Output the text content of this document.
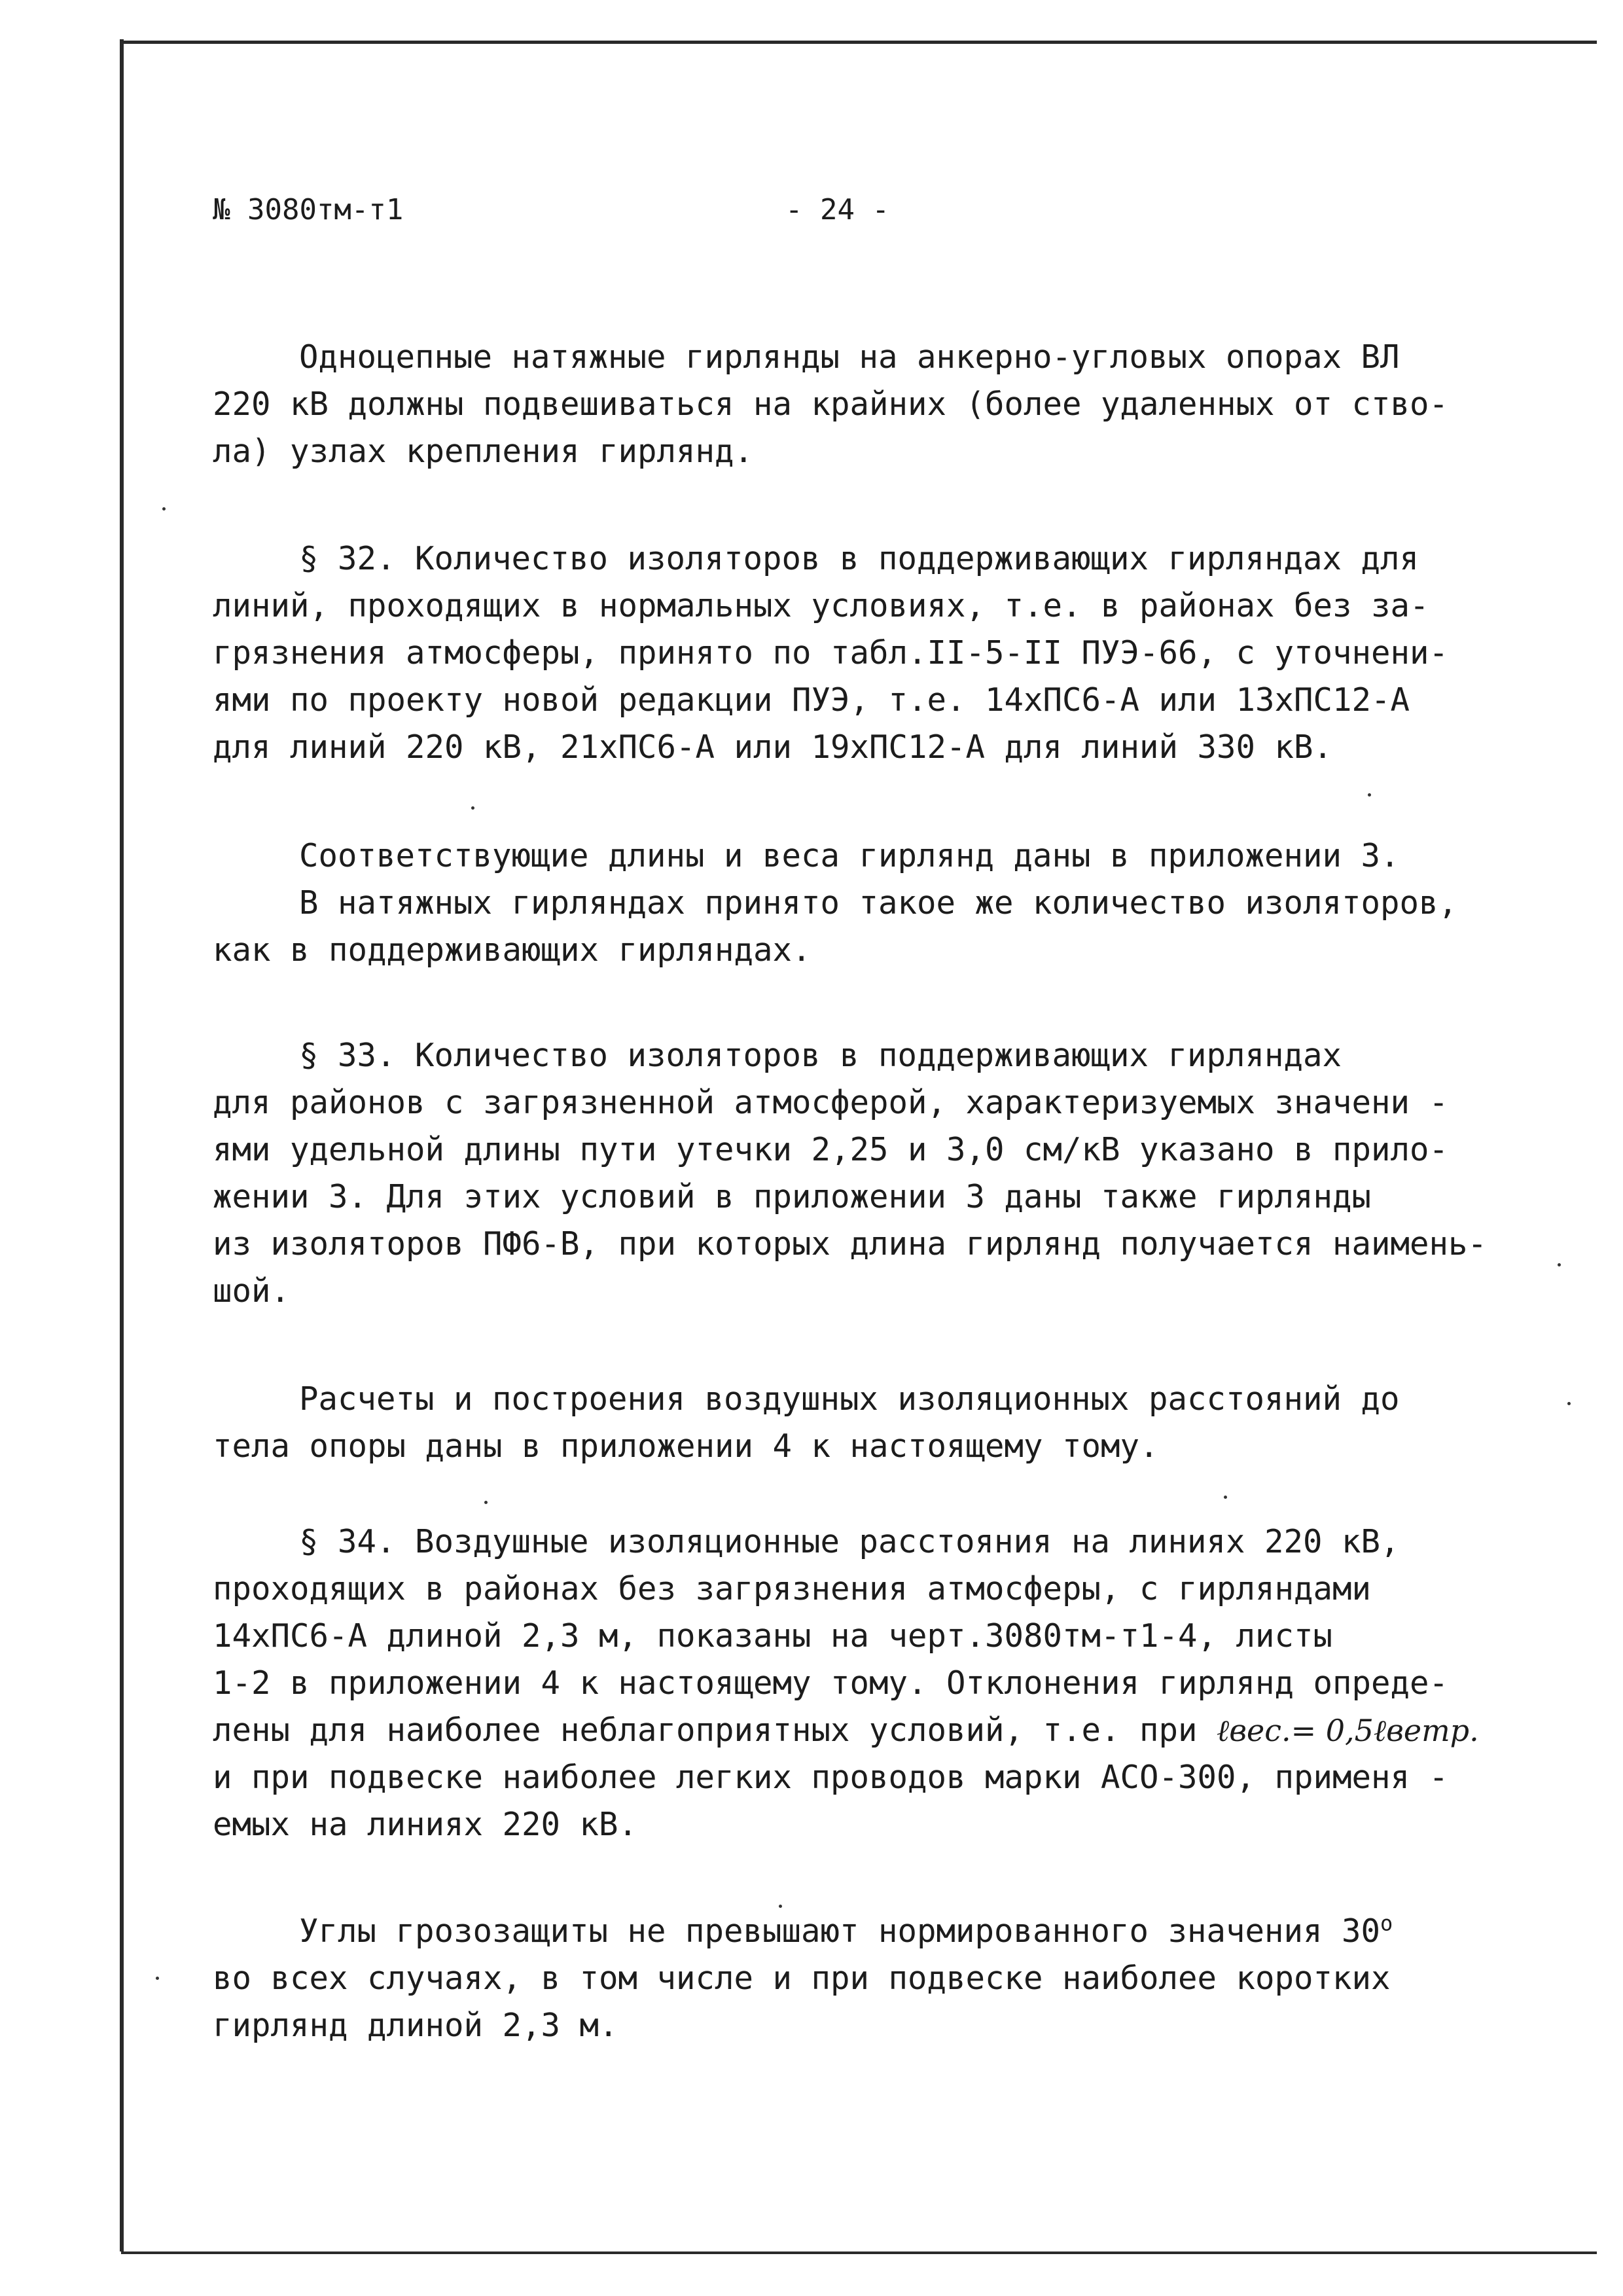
№ 3080тм-т1	- 24 -
Одноцепные натяжные гирлянды на анкерно-угловых опорах ВЛ
220 кВ должны подвешиваться на крайних (более удаленных от ство-
ла) узлах крепления гирлянд.
§ 32. Количество изоляторов в поддерживающих гирляндах для
линий, проходящих в нормальных условиях, т.е. в районах без за-
грязнения атмосферы, принято по табл.II-5-II ПУЭ-66, с уточнени-
ями по проекту новой редакции ПУЭ, т.е. 14хПС6-А или 13хПС12-А
для линий 220 кВ, 21хПС6-А или 19хПС12-А для линий 330 кВ.
Соответствующие длины и веса гирлянд даны в приложении 3.
В натяжных гирляндах принято такое же количество изоляторов,
как в поддерживающих гирляндах.
§ 33. Количество изоляторов в поддерживающих гирляндах
для районов с загрязненной атмосферой, характеризуемых значени -
ями удельной длины пути утечки 2,25 и 3,0 см/кВ указано в прило-
жении 3. Для этих условий в приложении 3 даны также гирлянды
из изоляторов ПФ6-В, при которых длина гирлянд получается наимень-
шой.
Расчеты и построения воздушных изоляционных расстояний до
тела опоры даны в приложении 4 к настоящему тому.
§ 34. Воздушные изоляционные расстояния на линиях 220 кВ,
проходящих в районах без загрязнения атмосферы, с гирляндами
14хПС6-А длиной 2,3 м, показаны на черт.3080тм-т1-4, листы
1-2 в приложении 4 к настоящему тому. Отклонения гирлянд опреде-
лены для наиболее неблагоприятных условий, т.е. при ℓвес.= 0,5ℓветр.
и при подвеске наиболее легких проводов марки АСО-300, применя -
емых на линиях 220 кВ.
Углы грозозащиты не превышают нормированного значения $30^о$
во всех случаях, в том числе и при подвеске наиболее коротких
гирлянд длиной 2,3 м.
